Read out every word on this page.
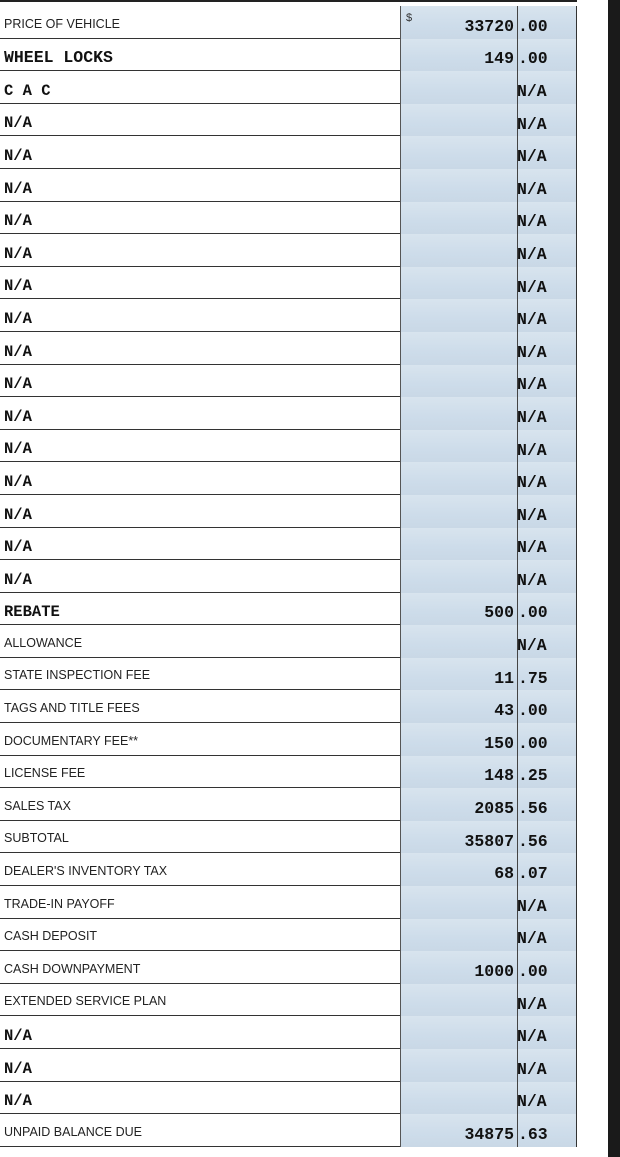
PRICE OF VEHICLE	$	33720 .00
WHEEL LOCKS	149 .00
C A C	N/A
N/A	N/A
N/A	N/A
N/A	N/A
N/A	N/A
N/A	N/A
N/A	N/A
N/A	N/A
N/A	N/A
N/A	N/A
N/A	N/A
N/A	N/A
N/A	N/A
N/A	N/A
N/A	N/A
N/A	N/A
REBATE	500 .00
ALLOWANCE	N/A
STATE INSPECTION FEE	11 .75
TAGS AND TITLE FEES	43 .00
DOCUMENTARY FEE**	150 .00
LICENSE FEE	148 .25
SALES TAX	2085 .56
SUBTOTAL	35807 .56
DEALER'S INVENTORY TAX	68 .07
TRADE-IN PAYOFF	N/A
CASH DEPOSIT	N/A
CASH DOWNPAYMENT	1000 .00
EXTENDED SERVICE PLAN	N/A
N/A	N/A
N/A	N/A
N/A	N/A
UNPAID BALANCE DUE	34875 .63
